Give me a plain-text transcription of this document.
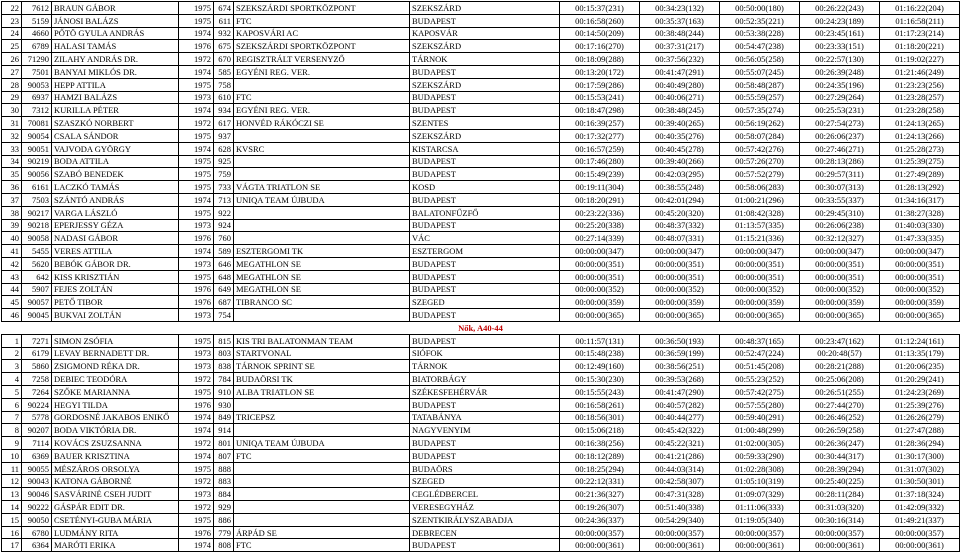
22	7612	BRAUN GÁBOR	1975	674	SZEKSZÁRDI SPORTKÖZPONT	SZEKSZÁRD	00:15:37(231)	00:34:23(132)	00:50:00(180)	00:26:22(243)	01:16:22(204)
23	5159	JÁNOSI BALÁZS	1975	611	FTC	BUDAPEST	00:16:58(260)	00:35:37(163)	00:52:35(221)	00:24:23(189)	01:16:58(211)
24	4660	PŐTÖ GYULA ANDRÁS	1974	932	KAPOSVÁRI AC	KAPOSVÁR	00:14:50(209)	00:38:48(244)	00:53:38(228)	00:23:45(161)	01:17:23(214)
25	6789	HALASI TAMÁS	1976	675	SZEKSZÁRDI SPORTKÖZPONT	SZEKSZÁRD	00:17:16(270)	00:37:31(217)	00:54:47(238)	00:23:33(151)	01:18:20(221)
26	71290	ZILAHY ANDRÁS DR.	1972	670	REGISZTRÁLT VERSENYZŐ	TÁRNOK	00:18:09(288)	00:37:56(232)	00:56:05(258)	00:22:57(130)	01:19:02(227)
27	7501	BANYAI MIKLÓS DR.	1974	585	EGYÉNI REG. VER.	BUDAPEST	00:13:20(172)	00:41:47(291)	00:55:07(245)	00:26:39(248)	01:21:46(249)
28	90053	HEPP ATTILA	1975	758		SZEKSZÁRD	00:17:59(286)	00:40:49(280)	00:58:48(287)	00:24:35(196)	01:23:23(256)
29	6937	HAMZI BALÁZS	1973	610	FTC	BUDAPEST	00:15:53(241)	00:40:06(271)	00:55:59(257)	00:27:29(264)	01:23:28(257)
30	7312	KURILLA PÉTER	1974	934	EGYÉNI REG. VER.	BUDAPEST	00:18:47(298)	00:38:48(245)	00:57:35(274)	00:25:53(231)	01:23:28(258)
31	70081	SZASZKÓ NORBERT	1972	617	HONVÉD RÁKÓCZI SE	SZENTES	00:16:39(257)	00:39:40(265)	00:56:19(262)	00:27:54(273)	01:24:13(265)
32	90054	CSALA SÁNDOR	1975	937		SZEKSZÁRD	00:17:32(277)	00:40:35(276)	00:58:07(284)	00:26:06(237)	01:24:13(266)
33	90051	VAJVODA GYÖRGY	1974	628	KVSRC	KISTARCSA	00:16:57(259)	00:40:45(278)	00:57:42(276)	00:27:46(271)	01:25:28(273)
34	90219	BODA ATTILA	1975	925		BUDAPEST	00:17:46(280)	00:39:40(266)	00:57:26(270)	00:28:13(286)	01:25:39(275)
35	90056	SZABÓ BENEDEK	1975	759		BUDAPEST	00:15:49(239)	00:42:03(295)	00:57:52(279)	00:29:57(311)	01:27:49(289)
36	6161	LACZKÓ TAMÁS	1975	733	VÁGTA TRIATLON SE	KOSD	00:19:11(304)	00:38:55(248)	00:58:06(283)	00:30:07(313)	01:28:13(292)
37	7503	SZÁNTÓ ANDRÁS	1974	713	UNIQA TEAM ÚJBUDA	BUDAPEST	00:18:20(291)	00:42:01(294)	01:00:21(296)	00:33:55(337)	01:34:16(317)
38	90217	VARGA LÁSZLÓ	1975	922		BALATONFŰZFŐ	00:23:22(336)	00:45:20(320)	01:08:42(328)	00:29:45(310)	01:38:27(328)
39	90218	EPERJESSY GÉZA	1973	924		BUDAPEST	00:25:20(338)	00:48:37(332)	01:13:57(335)	00:26:06(238)	01:40:03(330)
40	90058	NADASI GÁBOR	1976	760		VÁC	00:27:14(339)	00:48:07(331)	01:15:21(336)	00:32:12(327)	01:47:33(335)
41	5455	VERES ATTILA	1974	589	ESZTERGOMI TK	ESZTERGOM	00:00:00(347)	00:00:00(347)	00:00:00(347)	00:00:00(347)	00:00:00(347)
42	5620	BEBÓK GÁBOR DR.	1973	646	MEGATHLON SE	BUDAPEST	00:00:00(351)	00:00:00(351)	00:00:00(351)	00:00:00(351)	00:00:00(351)
43	642	KISS KRISZTIÁN	1975	648	MEGATHLON SE	BUDAPEST	00:00:00(351)	00:00:00(351)	00:00:00(351)	00:00:00(351)	00:00:00(351)
44	5907	FEJES ZOLTÁN	1976	649	MEGATHLON SE	BUDAPEST	00:00:00(352)	00:00:00(352)	00:00:00(352)	00:00:00(352)	00:00:00(352)
45	90057	PETŐ TIBOR	1976	687	TIBRANCO SC	SZEGED	00:00:00(359)	00:00:00(359)	00:00:00(359)	00:00:00(359)	00:00:00(359)
46	90045	BUKVAI ZOLTÁN	1973	754		BUDAPEST	00:00:00(365)	00:00:00(365)	00:00:00(365)	00:00:00(365)	00:00:00(365)
Nők, A40-44											
1	7271	SIMON ZSÓFIA	1975	815	KIS TRI BALATONMAN TEAM	BUDAPEST	00:11:57(131)	00:36:50(193)	00:48:37(165)	00:23:47(162)	01:12:24(161)
2	6179	LEVAY BERNADETT DR.	1973	803	STARTVONAL	SIÓFOK	00:15:48(238)	00:36:59(199)	00:52:47(224)	00:20:48(57)	01:13:35(179)
3	5860	ZSIGMOND RÉKA DR.	1973	838	TÁRNOK SPRINT SE	TÁRNOK	00:12:49(160)	00:38:56(251)	00:51:45(208)	00:28:21(288)	01:20:06(235)
4	7258	DEBIEC TEODÓRA	1972	784	BUDAÖRSI TK	BIATORBÁGY	00:15:30(230)	00:39:53(268)	00:55:23(252)	00:25:06(208)	01:20:29(241)
5	7264	SZŐKE MARIANNA	1975	910	ALBA TRIATLON SE	SZÉKESFEHÉRVÁR	00:15:55(243)	00:41:47(290)	00:57:42(275)	00:26:51(255)	01:24:23(269)
6	90224	HEGYI TILDA	1976	930		BUDAPEST	00:16:58(261)	00:40:57(282)	00:57:55(280)	00:27:44(270)	01:25:39(276)
7	5778	GORDOSNÉ JAKABOS ENIKŐ	1974	849	TRICEPSZ	TATABÁNYA	00:18:56(301)	00:40:44(277)	00:59:40(291)	00:26:46(252)	01:26:26(279)
8	90207	BODA VIKTÓRIA DR.	1974	914		NAGYVENYIM	00:15:06(218)	00:45:42(322)	01:00:48(299)	00:26:59(258)	01:27:47(288)
9	7114	KOVÁCS ZSUZSANNA	1972	801	UNIQA TEAM ÚJBUDA	BUDAPEST	00:16:38(256)	00:45:22(321)	01:02:00(305)	00:26:36(247)	01:28:36(294)
10	6369	BAUER KRISZTINA	1974	807	FTC	BUDAPEST	00:18:12(289)	00:41:21(286)	00:59:33(290)	00:30:44(317)	01:30:17(300)
11	90055	MÉSZÁROS ORSOLYA	1975	888		BUDAÖRS	00:18:25(294)	00:44:03(314)	01:02:28(308)	00:28:39(294)	01:31:07(302)
12	90043	KATONA GÁBORNÉ	1972	883		SZEGED	00:22:12(331)	00:42:58(307)	01:05:10(319)	00:25:40(225)	01:30:50(301)
13	90046	SASVÁRINÉ CSEH JUDIT	1973	884		CEGLÉDBERCEL	00:21:36(327)	00:47:31(328)	01:09:07(329)	00:28:11(284)	01:37:18(324)
14	90222	GÁSPÁR EDIT DR.	1972	929		VERESEGYHÁZ	00:19:26(307)	00:51:40(338)	01:11:06(333)	00:31:03(320)	01:42:09(332)
15	90050	CSETÉNYI-GUBA MÁRIA	1975	886		SZENTKIRÁLYSZABADJA	00:24:36(337)	00:54:29(340)	01:19:05(340)	00:30:16(314)	01:49:21(337)
16	6780	LUDMÁNY RITA	1976	779	ÁRPÁD SE	DEBRECEN	00:00:00(357)	00:00:00(357)	00:00:00(357)	00:00:00(357)	00:00:00(357)
17	6364	MARÓTI ERIKA	1974	808	FTC	BUDAPEST	00:00:00(361)	00:00:00(361)	00:00:00(361)	00:00:00(361)	00:00:00(361)
